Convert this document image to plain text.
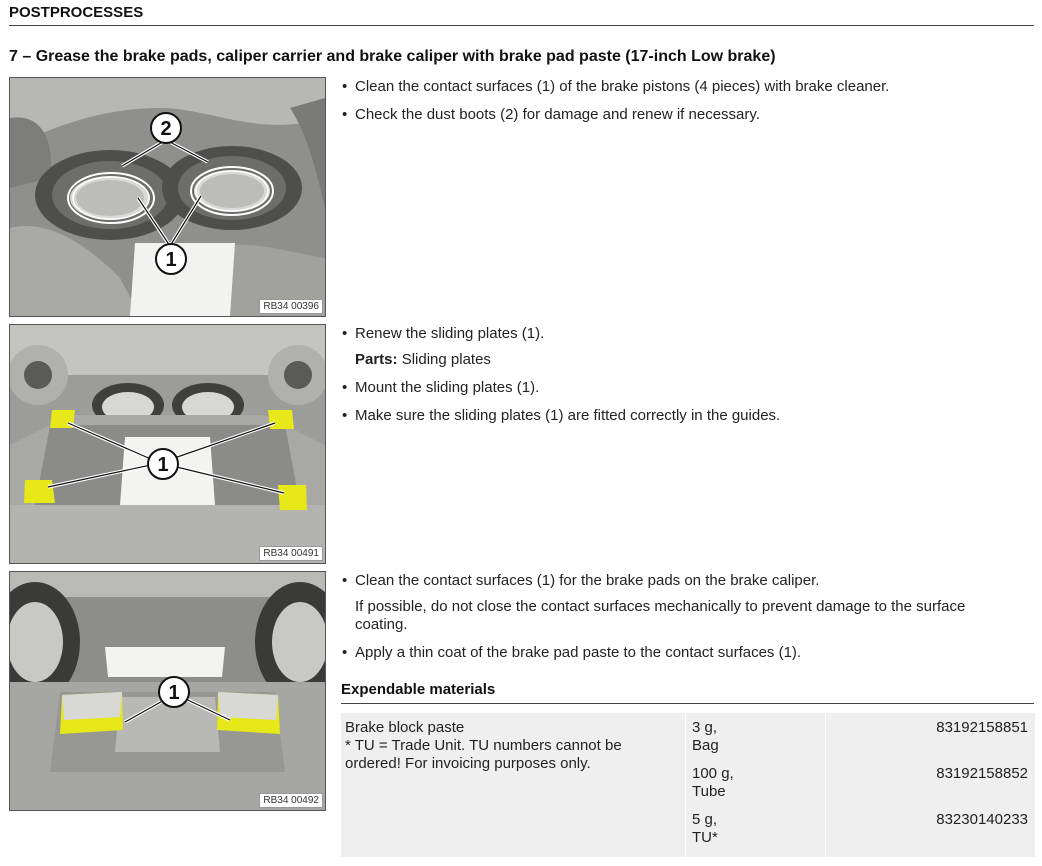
POSTPROCESSES
7 – Grease the brake pads, caliper carrier and brake caliper with brake pad paste (17-inch Low brake)
2
1
RB34 00396
• Clean the contact surfaces (1) of the brake pistons (4 pieces) with brake cleaner.
• Check the dust boots (2) for damage and renew if necessary.
1
RB34 00491
• Renew the sliding plates (1).
Parts: Sliding plates
• Mount the sliding plates (1).
• Make sure the sliding plates (1) are fitted correctly in the guides.
1
RB34 00492
• Clean the contact surfaces (1) for the brake pads on the brake caliper.
If possible, do not close the contact surfaces mechanically to prevent damage to the surface coating.
• Apply a thin coat of the brake pad paste to the contact surfaces (1).
Expendable materials
Brake block paste
* TU = Trade Unit. TU numbers cannot be ordered! For invoicing purposes only.
3 g,
Bag
83192158851
100 g,
Tube
83192158852
5 g,
TU*
83230140233
